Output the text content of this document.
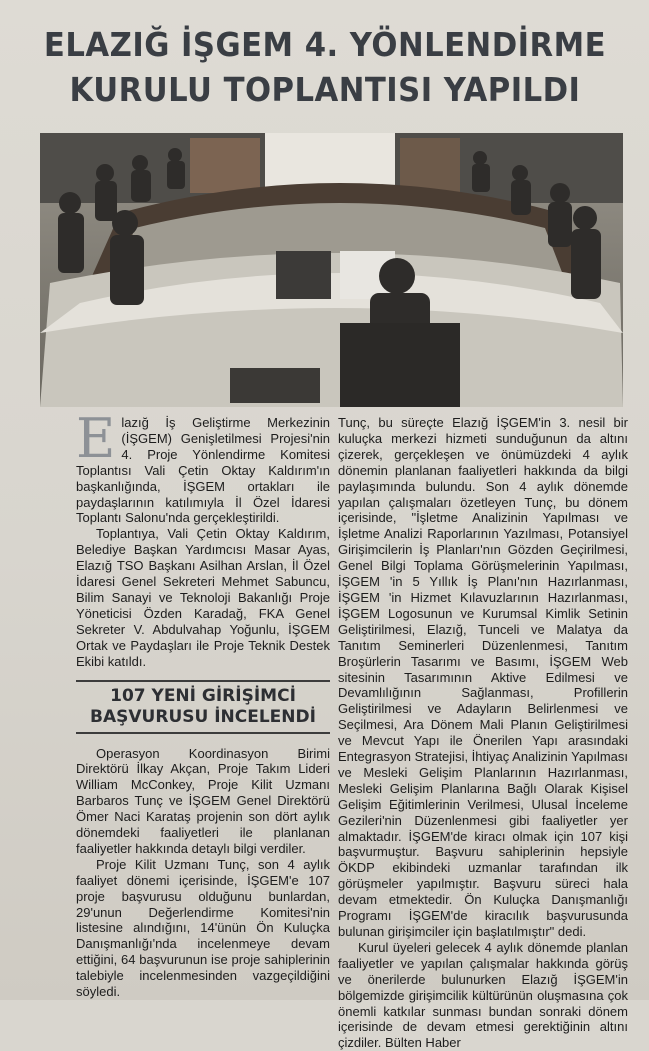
ELAZIĞ İŞGEM 4. YÖNLENDİRME
KURULU TOPLANTISI YAPILDI

Elazığ İş Geliştirme Merkezinin (İŞGEM) Genişletilmesi Projesi'nin 4. Proje Yönlendirme Komitesi Toplantısı Vali Çetin Oktay Kaldırım'ın başkanlığında, İŞGEM ortakları ile paydaşlarının katılımıyla İl Özel İdaresi Toplantı Salonu'nda gerçekleştirildi.

Toplantıya, Vali Çetin Oktay Kaldırım, Belediye Başkan Yardımcısı Masar Ayas, Elazığ TSO Başkanı Asilhan Arslan, İl Özel İdaresi Genel Sekreteri Mehmet Sabuncu, Bilim Sanayi ve Teknoloji Bakanlığı Proje Yöneticisi Özden Karadağ, FKA Genel Sekreter V. Abdulvahap Yoğunlu, İŞGEM Ortak ve Paydaşları ile Proje Teknik Destek Ekibi katıldı.

107 YENİ GİRİŞİMCİ
BAŞVURUSU İNCELENDİ

Operasyon Koordinasyon Birimi Direktörü İlkay Akçan, Proje Takım Lideri William McConkey, Proje Kilit Uzmanı Barbaros Tunç ve İŞGEM Genel Direktörü Ömer Naci Karataş projenin son dört aylık dönemdeki faaliyetleri ile planlanan faaliyetler hakkında detaylı bilgi verdiler.

Proje Kilit Uzmanı Tunç, son 4 aylık faaliyet dönemi içerisinde, İŞGEM'e 107 proje başvurusu olduğunu bunlardan, 29'unun Değerlendirme Komitesi'nin listesine alındığını, 14'ünün Ön Kuluçka Danışmanlığı'nda incelenmeye devam ettiğini, 64 başvurunun ise proje sahiplerinin talebiyle incelenmesinden vazgeçildiğini söyledi.

Tunç, bu süreçte Elazığ İŞGEM'in 3. nesil bir kuluçka merkezi hizmeti sunduğunun da altını çizerek, gerçekleşen ve önümüzdeki 4 aylık dönemin planlanan faaliyetleri hakkında da bilgi paylaşımında bulundu. Son 4 aylık dönemde yapılan çalışmaları özetleyen Tunç, bu dönem içerisinde, "İşletme Analizinin Yapılması ve İşletme Analizi Raporlarının Yazılması, Potansiyel Girişimcilerin İş Planları'nın Gözden Geçirilmesi, Genel Bilgi Toplama Görüşmelerinin Yapılması, İŞGEM 'in 5 Yıllık İş Planı'nın Hazırlanması, İŞGEM 'in Hizmet Kılavuzlarının Hazırlanması, İŞGEM Logosunun ve Kurumsal Kimlik Setinin Geliştirilmesi, Elazığ, Tunceli ve Malatya da Tanıtım Seminerleri Düzenlenmesi, Tanıtım Broşürlerin Tasarımı ve Basımı, İŞGEM Web sitesinin Tasarımının Aktive Edilmesi ve Devamlılığının Sağlanması, Profillerin Geliştirilmesi ve Adayların Belirlenmesi ve Seçilmesi, Ara Dönem Mali Planın Geliştirilmesi ve Mevcut Yapı ile Önerilen Yapı arasındaki Entegrasyon Stratejisi, İhtiyaç Analizinin Yapılması ve Mesleki Gelişim Planlarının Hazırlanması, Mesleki Gelişim Planlarına Bağlı Olarak Kişisel Gelişim Eğitimlerinin Verilmesi, Ulusal İnceleme Gezileri'nin Düzenlenmesi gibi faaliyetler yer almaktadır. İŞGEM'de kiracı olmak için 107 kişi başvurmuştur. Başvuru sahiplerinin hepsiyle ÖKDP ekibindeki uzmanlar tarafından ilk görüşmeler yapılmıştır. Başvuru süreci hala devam etmektedir. Ön Kuluçka Danışmanlığı Programı İŞGEM'de kiracılık başvurusunda bulunan girişimciler için başlatılmıştır" dedi.

Kurul üyeleri gelecek 4 aylık dönemde planlan faaliyetler ve yapılan çalışmalar hakkında görüş ve önerilerde bulunurken Elazığ İŞGEM'in bölgemizde girişimcilik kültürünün oluşmasına çok önemli katkılar sunması bundan sonraki dönem içerisinde de devam etmesi gerektiğinin altını çizdiler. Bülten Haber
